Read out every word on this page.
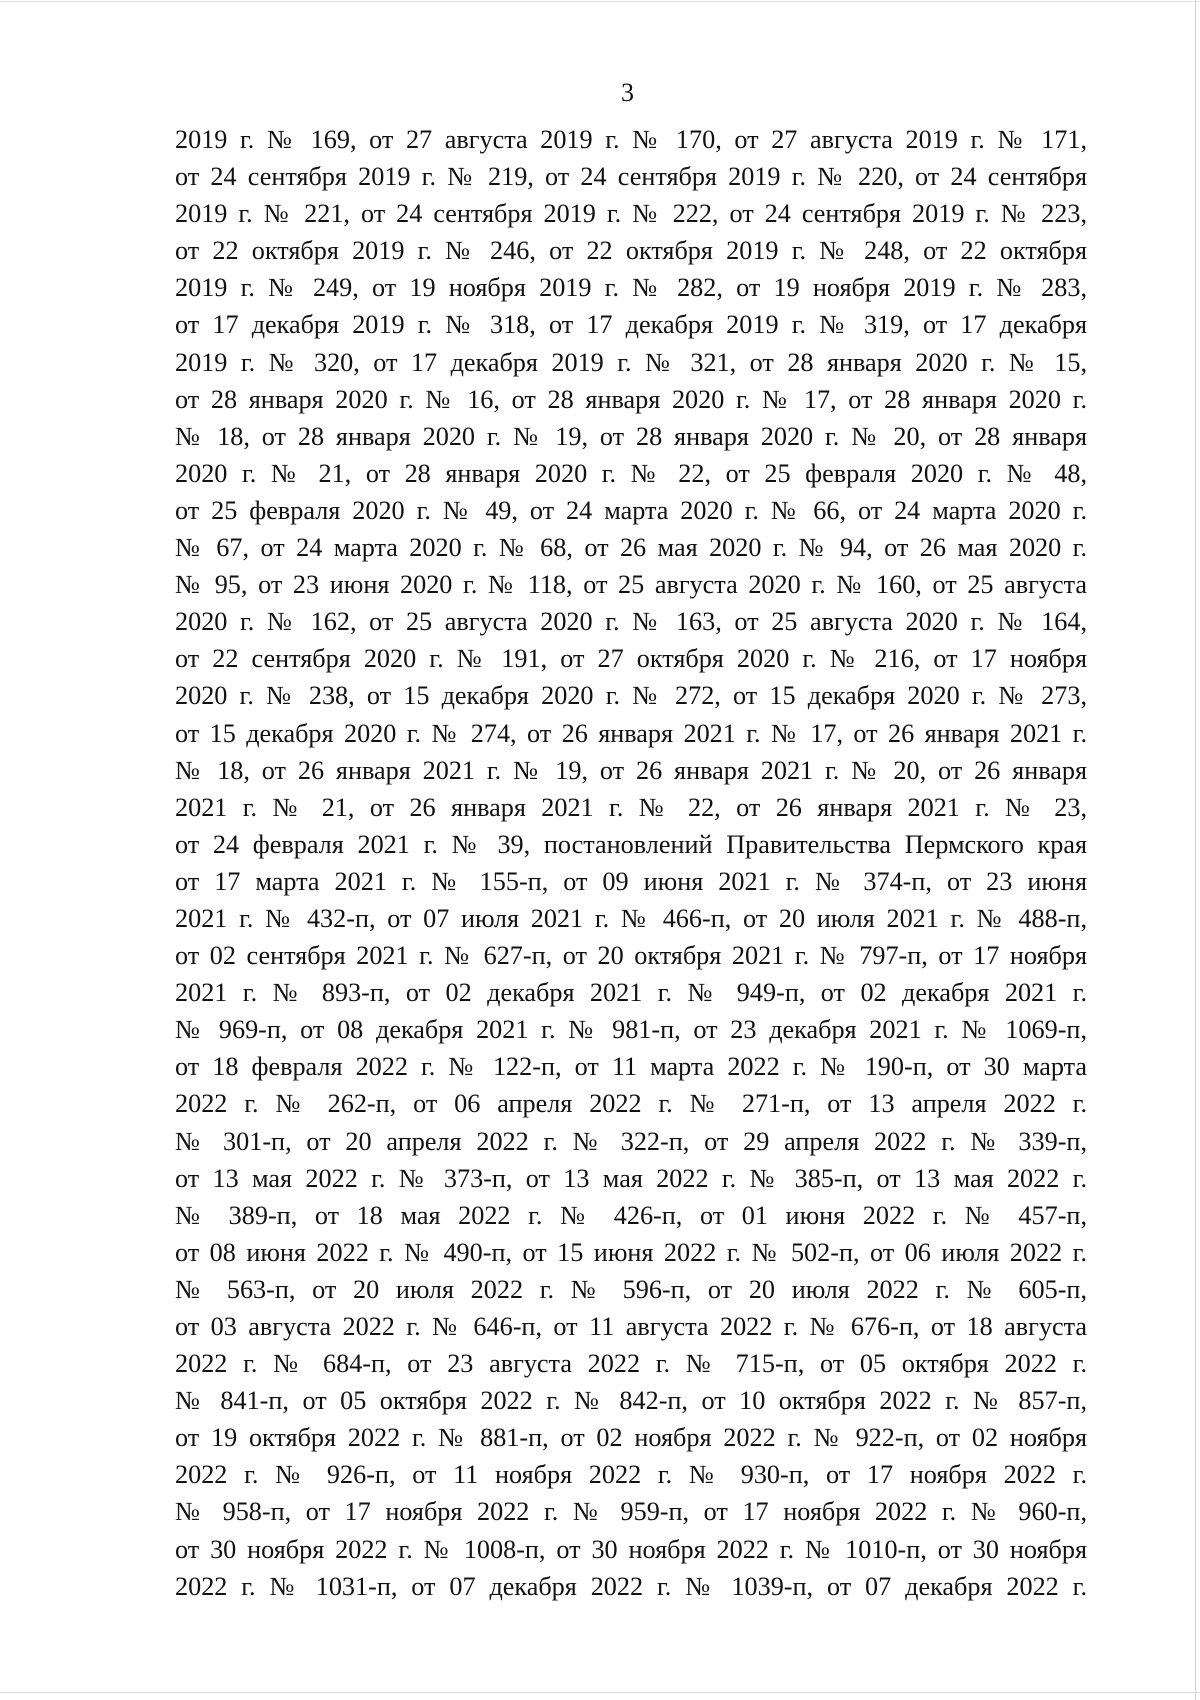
3
2019 г. № 169, от 27 августа 2019 г. № 170, от 27 августа 2019 г. № 171,
от 24 сентября 2019 г. № 219, от 24 сентября 2019 г. № 220, от 24 сентября
2019 г. № 221, от 24 сентября 2019 г. № 222, от 24 сентября 2019 г. № 223,
от 22 октября 2019 г. № 246, от 22 октября 2019 г. № 248, от 22 октября
2019 г. № 249, от 19 ноября 2019 г. № 282, от 19 ноября 2019 г. № 283,
от 17 декабря 2019 г. № 318, от 17 декабря 2019 г. № 319, от 17 декабря
2019 г. № 320, от 17 декабря 2019 г. № 321, от 28 января 2020 г. № 15,
от 28 января 2020 г. № 16, от 28 января 2020 г. № 17, от 28 января 2020 г.
№ 18, от 28 января 2020 г. № 19, от 28 января 2020 г. № 20, от 28 января
2020 г. № 21, от 28 января 2020 г. № 22, от 25 февраля 2020 г. № 48,
от 25 февраля 2020 г. № 49, от 24 марта 2020 г. № 66, от 24 марта 2020 г.
№ 67, от 24 марта 2020 г. № 68, от 26 мая 2020 г. № 94, от 26 мая 2020 г.
№ 95, от 23 июня 2020 г. № 118, от 25 августа 2020 г. № 160, от 25 августа
2020 г. № 162, от 25 августа 2020 г. № 163, от 25 августа 2020 г. № 164,
от 22 сентября 2020 г. № 191, от 27 октября 2020 г. № 216, от 17 ноября
2020 г. № 238, от 15 декабря 2020 г. № 272, от 15 декабря 2020 г. № 273,
от 15 декабря 2020 г. № 274, от 26 января 2021 г. № 17, от 26 января 2021 г.
№ 18, от 26 января 2021 г. № 19, от 26 января 2021 г. № 20, от 26 января
2021 г. № 21, от 26 января 2021 г. № 22, от 26 января 2021 г. № 23,
от 24 февраля 2021 г. № 39, постановлений Правительства Пермского края
от 17 марта 2021 г. № 155-п, от 09 июня 2021 г. № 374-п, от 23 июня
2021 г. № 432-п, от 07 июля 2021 г. № 466-п, от 20 июля 2021 г. № 488-п,
от 02 сентября 2021 г. № 627-п, от 20 октября 2021 г. № 797-п, от 17 ноября
2021 г. № 893-п, от 02 декабря 2021 г. № 949-п, от 02 декабря 2021 г.
№ 969-п, от 08 декабря 2021 г. № 981-п, от 23 декабря 2021 г. № 1069-п,
от 18 февраля 2022 г. № 122-п, от 11 марта 2022 г. № 190-п, от 30 марта
2022 г. № 262-п, от 06 апреля 2022 г. № 271-п, от 13 апреля 2022 г.
№ 301-п, от 20 апреля 2022 г. № 322-п, от 29 апреля 2022 г. № 339-п,
от 13 мая 2022 г. № 373-п, от 13 мая 2022 г. № 385-п, от 13 мая 2022 г.
№ 389-п, от 18 мая 2022 г. № 426-п, от 01 июня 2022 г. № 457-п,
от 08 июня 2022 г. № 490-п, от 15 июня 2022 г. № 502-п, от 06 июля 2022 г.
№ 563-п, от 20 июля 2022 г. № 596-п, от 20 июля 2022 г. № 605-п,
от 03 августа 2022 г. № 646-п, от 11 августа 2022 г. № 676-п, от 18 августа
2022 г. № 684-п, от 23 августа 2022 г. № 715-п, от 05 октября 2022 г.
№ 841-п, от 05 октября 2022 г. № 842-п, от 10 октября 2022 г. № 857-п,
от 19 октября 2022 г. № 881-п, от 02 ноября 2022 г. № 922-п, от 02 ноября
2022 г. № 926-п, от 11 ноября 2022 г. № 930-п, от 17 ноября 2022 г.
№ 958-п, от 17 ноября 2022 г. № 959-п, от 17 ноября 2022 г. № 960-п,
от 30 ноября 2022 г. № 1008-п, от 30 ноября 2022 г. № 1010-п, от 30 ноября
2022 г. № 1031-п, от 07 декабря 2022 г. № 1039-п, от 07 декабря 2022 г.
